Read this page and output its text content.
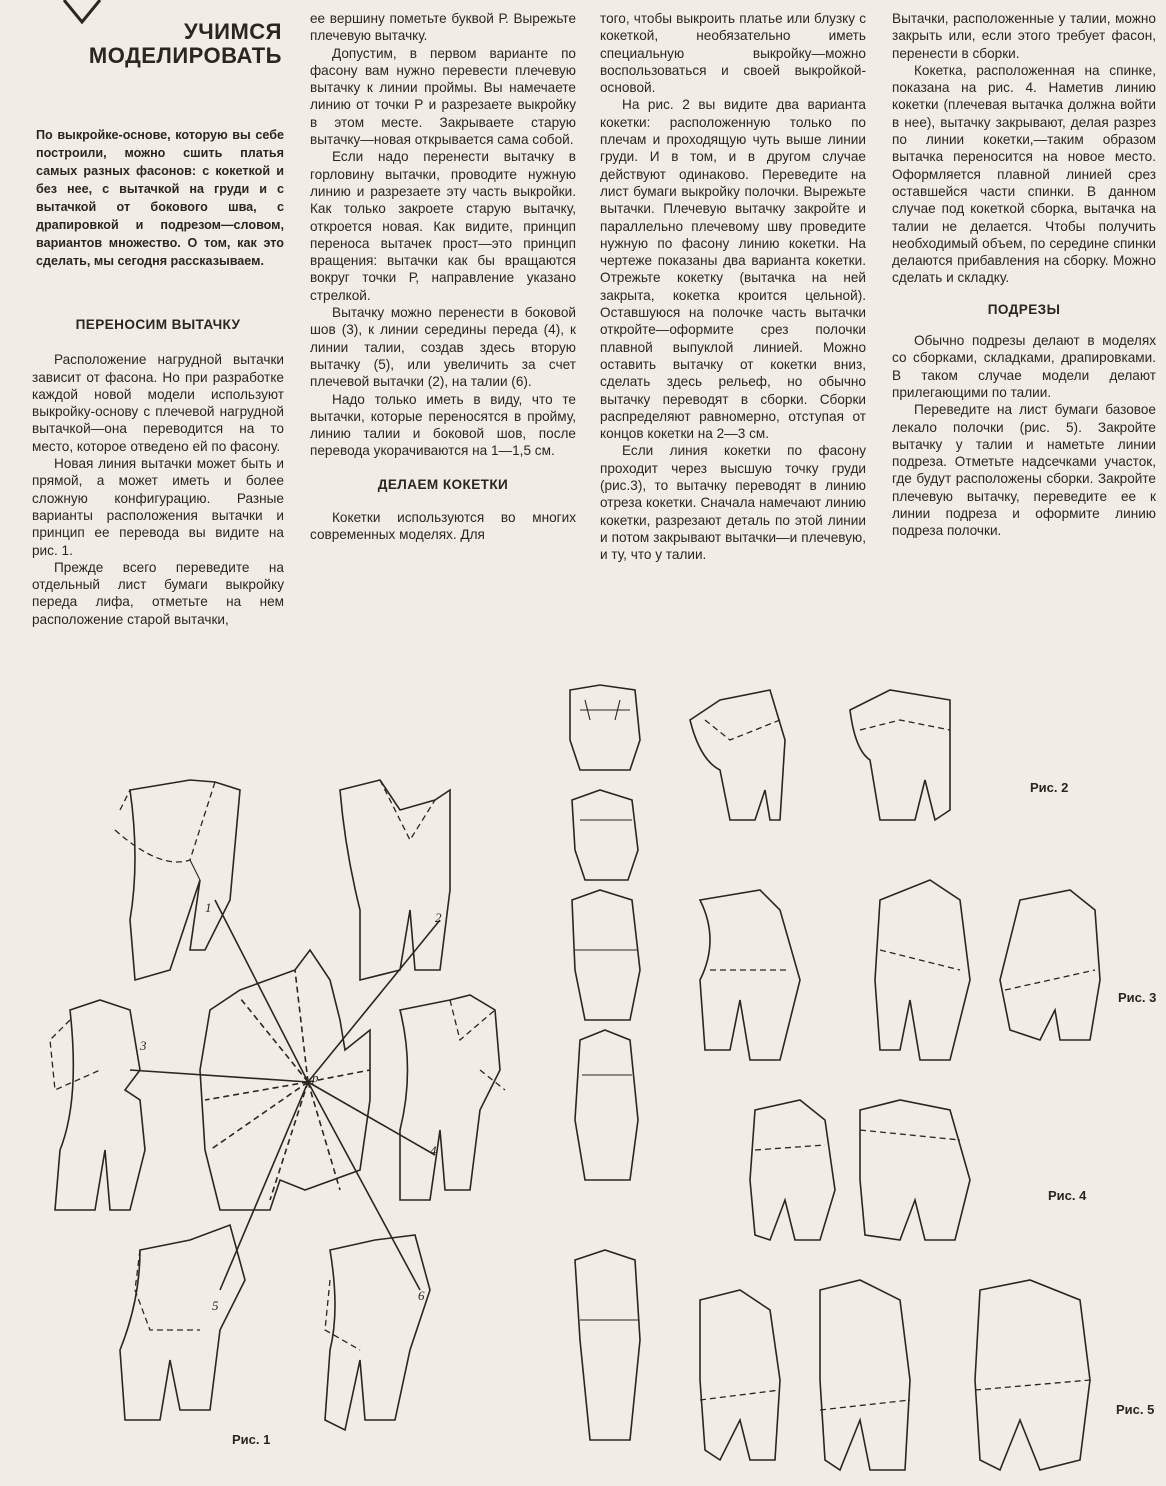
УЧИМСЯ
МОДЕЛИРОВАТЬ

По выкройке-основе, которую вы себе построили, можно сшить платья самых разных фасонов: с кокеткой и без нее, с вытачкой на груди и с вытачкой от бокового шва, с драпировкой и подрезом—словом, вариантов множество. О том, как это сделать, мы сегодня рассказываем.

ПЕРЕНОСИМ ВЫТАЧКУ

Расположение нагрудной вытачки зависит от фасона. Но при разработке каждой новой модели используют выкройку-основу с плечевой нагрудной вытачкой—она переводится на то место, которое отведено ей по фасону.

Новая линия вытачки может быть и прямой, а может иметь и более сложную конфигурацию. Разные варианты расположения вытачки и принцип ее перевода вы видите на рис. 1.

Прежде всего переведите на отдельный лист бумаги выкройку переда лифа, отметьте на нем расположение старой вытачки,

ее вершину пометьте буквой Р. Вырежьте плечевую вытачку.

Допустим, в первом варианте по фасону вам нужно перевести плечевую вытачку к линии проймы. Вы намечаете линию от точки Р и разрезаете выкройку в этом месте. Закрываете старую вытачку—новая открывается сама собой.

Если надо перенести вытачку в горловину вытачки, проводите нужную линию и разрезаете эту часть выкройки. Как только закроете старую вытачку, откроется новая. Как видите, принцип переноса вытачек прост—это принцип вращения: вытачки как бы вращаются вокруг точки Р, направление указано стрелкой.

Вытачку можно перенести в боковой шов (3), к линии середины переда (4), к линии талии, создав здесь вторую вытачку (5), или увеличить за счет плечевой вытачки (2), на талии (6).

Надо только иметь в виду, что те вытачки, которые переносятся в пройму, линию талии и боковой шов, после перевода укорачиваются на 1—1,5 см.

ДЕЛАЕМ КОКЕТКИ

Кокетки используются во многих современных моделях. Для

того, чтобы выкроить платье или блузку с кокеткой, необязательно иметь специальную выкройку—можно воспользоваться и своей выкройкой-основой.

На рис. 2 вы видите два варианта кокетки: расположенную только по плечам и проходящую чуть выше линии груди. И в том, и в другом случае действуют одинаково. Переведите на лист бумаги выкройку полочки. Вырежьте вытачки. Плечевую вытачку закройте и параллельно плечевому шву проведите нужную по фасону линию кокетки. На чертеже показаны два варианта кокетки. Отрежьте кокетку (вытачка на ней закрыта, кокетка кроится цельной). Оставшуюся на полочке часть вытачки откройте—оформите срез полочки плавной выпуклой линией. Можно оставить вытачку от кокетки вниз, сделать здесь рельеф, но обычно вытачку переводят в сборки. Сборки распределяют равномерно, отступая от концов кокетки на 2—3 см.

Если линия кокетки по фасону проходит через высшую точку груди (рис.3), то вытачку переводят в линию отреза кокетки. Сначала намечают линию кокетки, разрезают деталь по этой линии и потом закрывают вытачки—и плечевую, и ту, что у талии.

Вытачки, расположенные у талии, можно закрыть или, если этого требует фасон, перенести в сборки.

Кокетка, расположенная на спинке, показана на рис. 4. Наметив линию кокетки (плечевая вытачка должна войти в нее), вытачку закрывают, делая разрез по линии кокетки,—таким образом вытачка переносится на новое место. Оформляется плавной линией срез оставшейся части спинки. В данном случае под кокеткой сборка, вытачка на талии не делается. Чтобы получить необходимый объем, по середине спинки делаются прибавления на сборку. Можно сделать и складку.

ПОДРЕЗЫ

Обычно подрезы делают в моделях со сборками, складками, драпировками. В таком случае модели делают прилегающими по талии.

Переведите на лист бумаги базовое лекало полочки (рис. 5). Закройте вытачку у талии и наметьте линии подреза. Отметьте надсечками участок, где будут расположены сборки. Закройте плечевую вытачку, переведите ее к линии подреза и оформите линию подреза полочки.

р
1
2
3
4
5
6
Рис. 1
Рис. 2
Рис. 3
Рис. 4
Рис. 5
